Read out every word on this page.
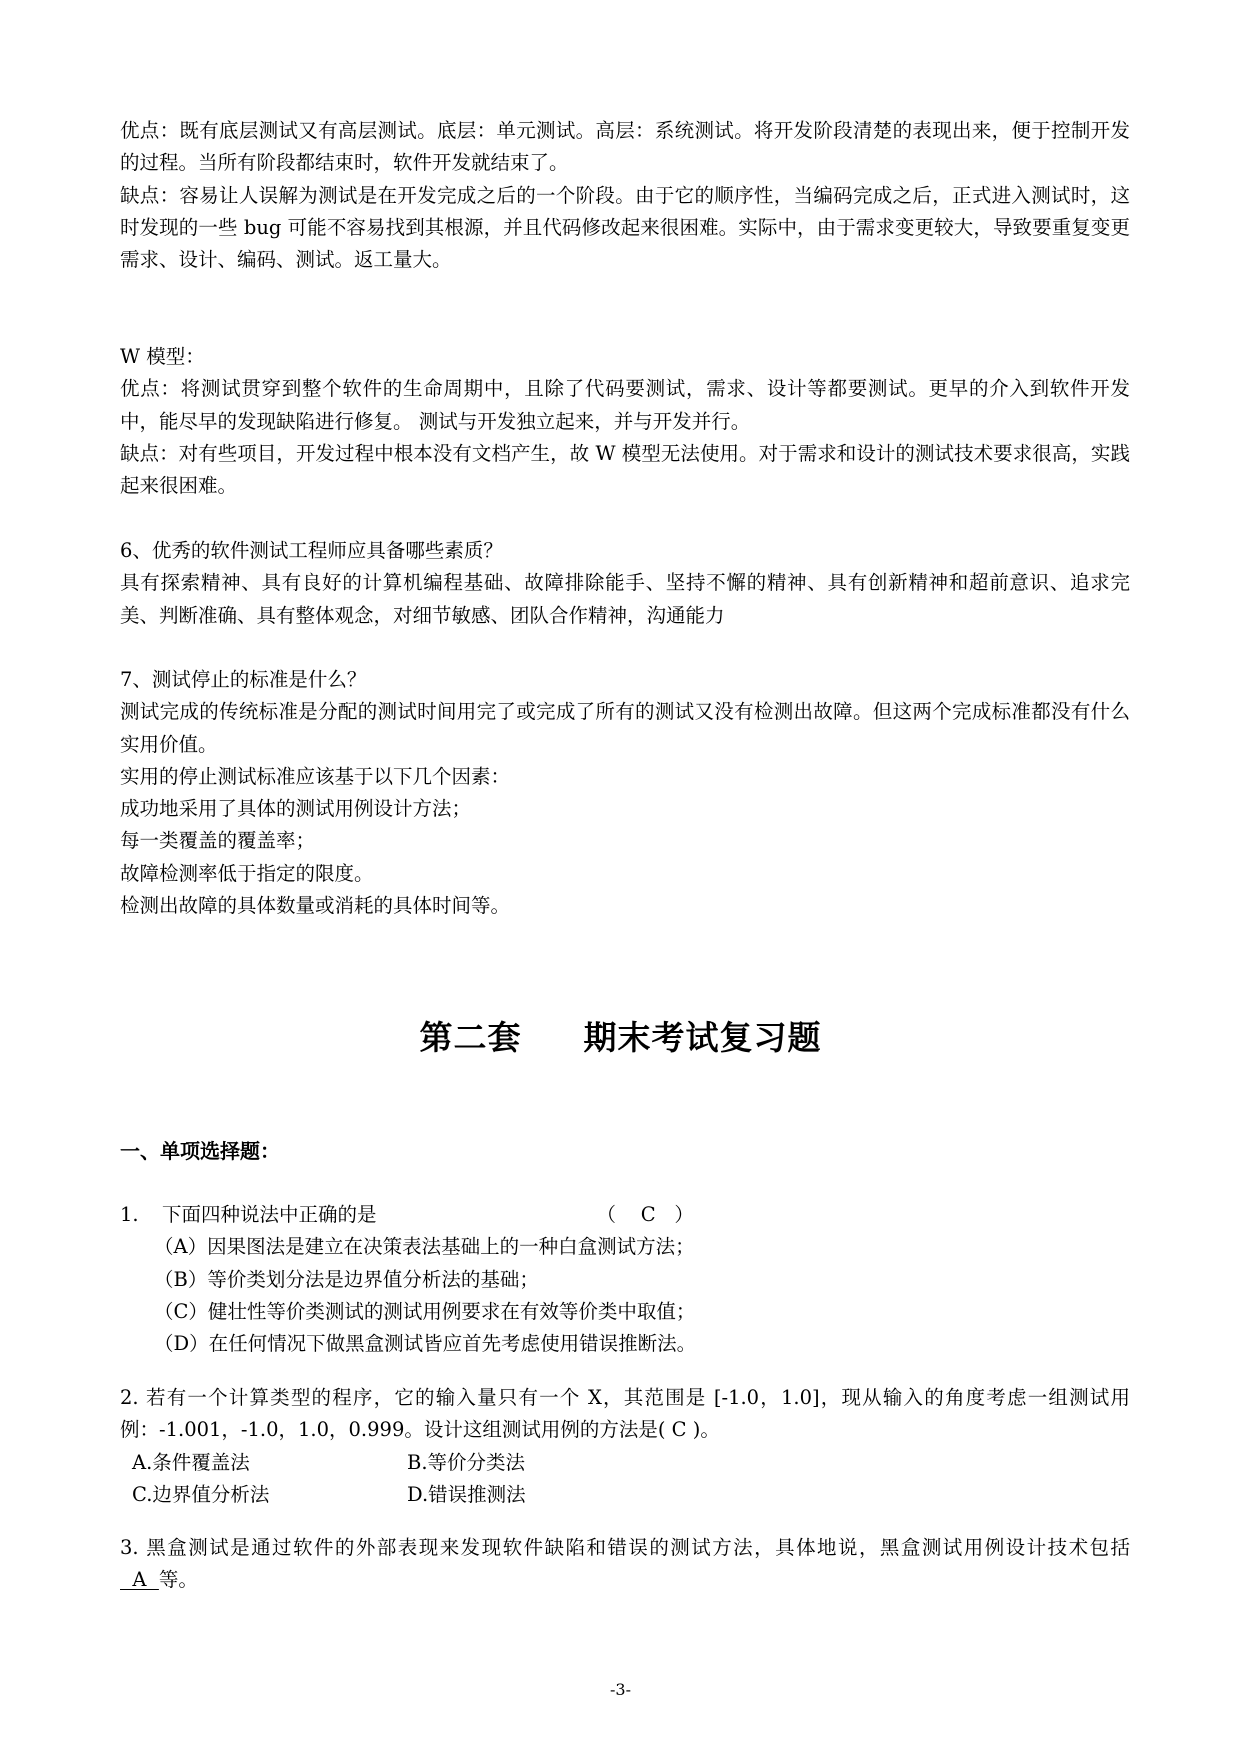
优点：既有底层测试又有高层测试。底层：单元测试。高层：系统测试。将开发阶段清楚的表现出来，便于控制开发的过程。当所有阶段都结束时，软件开发就结束了。

缺点：容易让人误解为测试是在开发完成之后的一个阶段。由于它的顺序性，当编码完成之后，正式进入测试时，这时发现的一些 bug 可能不容易找到其根源，并且代码修改起来很困难。实际中，由于需求变更较大，导致要重复变更需求、设计、编码、测试。返工量大。

W 模型：

优点：将测试贯穿到整个软件的生命周期中，且除了代码要测试，需求、设计等都要测试。更早的介入到软件开发中，能尽早的发现缺陷进行修复。 测试与开发独立起来，并与开发并行。

缺点：对有些项目，开发过程中根本没有文档产生，故 W 模型无法使用。对于需求和设计的测试技术要求很高，实践起来很困难。

6、优秀的软件测试工程师应具备哪些素质？

具有探索精神、具有良好的计算机编程基础、故障排除能手、坚持不懈的精神、具有创新精神和超前意识、追求完美、判断准确、具有整体观念，对细节敏感、团队合作精神，沟通能力

7、测试停止的标准是什么？

测试完成的传统标准是分配的测试时间用完了或完成了所有的测试又没有检测出故障。但这两个完成标准都没有什么实用价值。

实用的停止测试标准应该基于以下几个因素：
成功地采用了具体的测试用例设计方法；
每一类覆盖的覆盖率；
故障检测率低于指定的限度。
检测出故障的具体数量或消耗的具体时间等。
第二套 期末考试复习题
一、单项选择题：
1.	下面四种说法中正确的是	（    C   ）
（A）因果图法是建立在决策表法基础上的一种白盒测试方法；
（B）等价类划分法是边界值分析法的基础；
（C）健壮性等价类测试的测试用例要求在有效等价类中取值；
（D）在任何情况下做黑盒测试皆应首先考虑使用错误推断法。

2. 若有一个计算类型的程序，它的输入量只有一个 X，其范围是 [-1.0，1.0]，现从输入的角度考虑一组测试用例：-1.001，-1.0，1.0，0.999。设计这组测试用例的方法是( C )。

A.条件覆盖法	B.等价分类法
C.边界值分析法	D.错误推测法

3. 黑盒测试是通过软件的外部表现来发现软件缺陷和错误的测试方法，具体地说，黑盒测试用例设计技术包括  A  等。

-3-
